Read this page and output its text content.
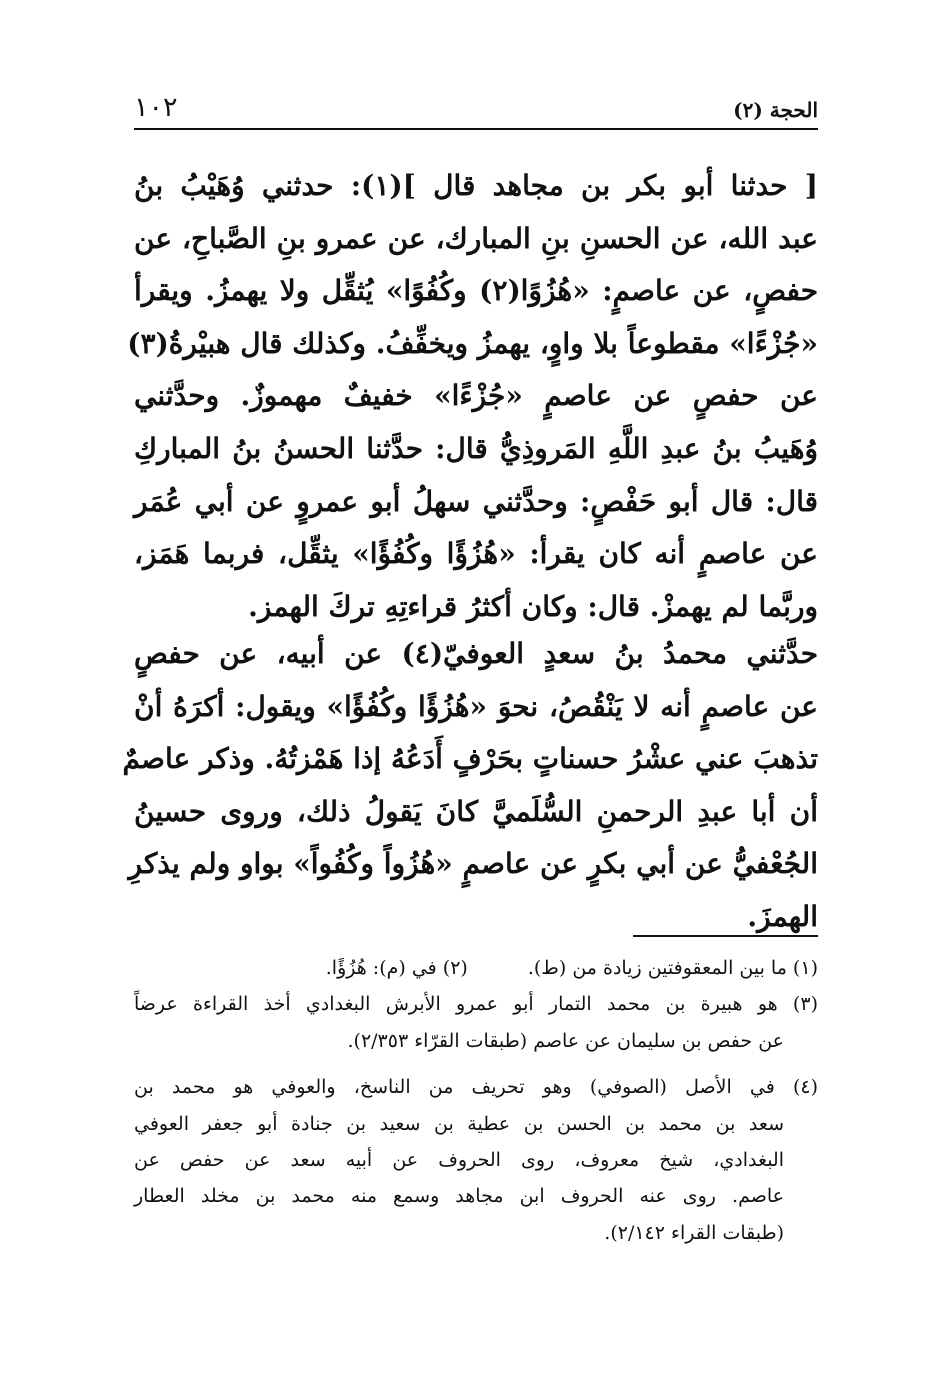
١٠٢	الحجة (٢)
[ حدثنا أبو بكر بن مجاهد قال ](١): حدثني وُهَيْبُ بنُ
عبد الله، عن الحسنِ بنِ المبارك، عن عمرو بنِ الصَّباحِ، عن
حفصٍ، عن عاصمٍ: «هُزُوًا(٢) وكُفُوًا» يُثقِّل ولا يهمزُ. ويقرأ
«جُزْءًا» مقطوعاً بلا واوٍ، يهمزُ ويخفِّفُ. وكذلك قال هبيْرةُ(٣)
عن حفصٍ عن عاصمٍ «جُزْءًا» خفيفٌ مهموزٌ. وحدَّثني
وُهَيبُ بنُ عبدِ اللَّهِ المَروذِيُّ قال: حدَّثنا الحسنُ بنُ المباركِ
قال: قال أبو حَفْصٍ: وحدَّثني سهلُ أبو عمروٍ عن أبي عُمَر
عن عاصمٍ أنه كان يقرأ: «هُزُؤًا وكُفُؤًا» يثقِّل، فربما هَمَز،
وربَّما لم يهمزْ. قال: وكان أكثرُ قراءتِهِ تركَ الهمز.
حدَّثني محمدُ بنُ سعدٍ العوفيّ(٤) عن أبيه، عن حفصٍ
عن عاصمٍ أنه لا يَنْقُصُ، نحوَ «هُزُؤًا وكُفُؤًا» ويقول: أكرَهُ أنْ
تذهبَ عني عشْرُ حسناتٍ بحَرْفٍ أَدَعُهُ إذا هَمْزتُهُ. وذكر عاصمٌ
أن أبا عبدِ الرحمنِ السُّلَميَّ كانَ يَقولُ ذلك، وروى حسينُ
الجُعْفيُّ عن أبي بكرٍ عن عاصمٍ «هُزُواً وكُفُواً» بواو ولم يذكرِ
الهمزَ.
(١) ما بين المعقوفتين زيادة من (ط).
(٢) في (م): هُزُؤًا.
(٣) هو هبيرة بن محمد التمار أبو عمرو الأبرش البغدادي أخذ القراءة عرضاً
عن حفص بن سليمان عن عاصم (طبقات القرّاء ٢/٣٥٣).
(٤) في الأصل (الصوفي) وهو تحريف من الناسخ، والعوفي هو محمد بن
سعد بن محمد بن الحسن بن عطية بن سعيد بن جنادة أبو جعفر العوفي
البغدادي، شيخ معروف، روى الحروف عن أبيه سعد عن حفص عن
عاصم. روى عنه الحروف ابن مجاهد وسمع منه محمد بن مخلد العطار
(طبقات القراء ٢/١٤٢).
